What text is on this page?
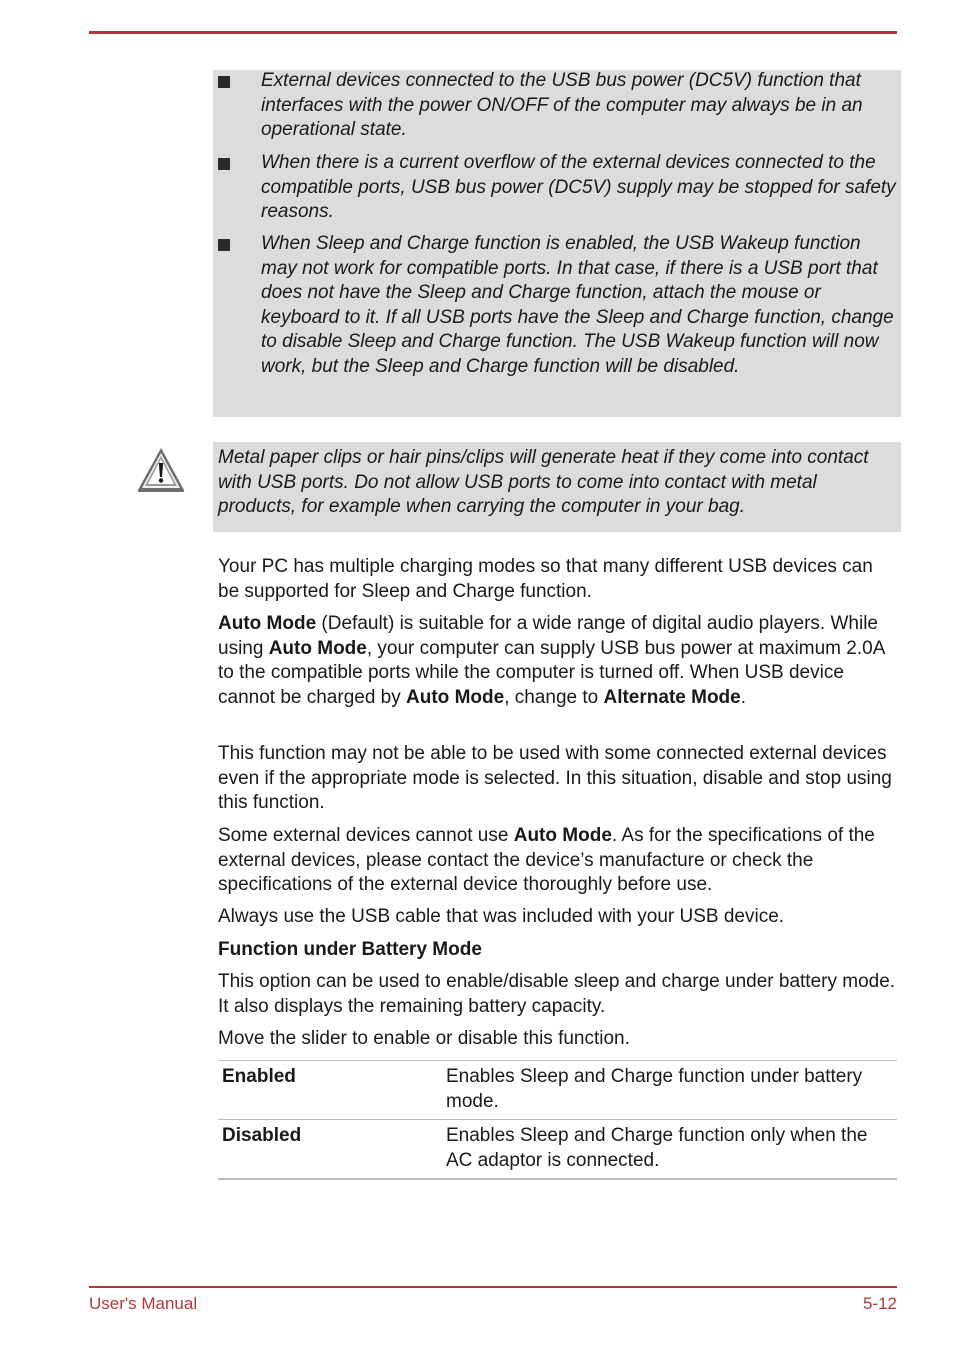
External devices connected to the USB bus power (DC5V) function that interfaces with the power ON/OFF of the computer may always be in an operational state.
When there is a current overflow of the external devices connected to the compatible ports, USB bus power (DC5V) supply may be stopped for safety reasons.
When Sleep and Charge function is enabled, the USB Wakeup function may not work for compatible ports. In that case, if there is a USB port that does not have the Sleep and Charge function, attach the mouse or keyboard to it. If all USB ports have the Sleep and Charge function, change to disable Sleep and Charge function. The USB Wakeup function will now work, but the Sleep and Charge function will be disabled.
Metal paper clips or hair pins/clips will generate heat if they come into contact with USB ports. Do not allow USB ports to come into contact with metal products, for example when carrying the computer in your bag.
Your PC has multiple charging modes so that many different USB devices can be supported for Sleep and Charge function.
Auto Mode (Default) is suitable for a wide range of digital audio players. While using Auto Mode, your computer can supply USB bus power at maximum 2.0A to the compatible ports while the computer is turned off. When USB device cannot be charged by Auto Mode, change to Alternate Mode.
This function may not be able to be used with some connected external devices even if the appropriate mode is selected. In this situation, disable and stop using this function.
Some external devices cannot use Auto Mode. As for the specifications of the external devices, please contact the device’s manufacture or check the specifications of the external device thoroughly before use.
Always use the USB cable that was included with your USB device.
Function under Battery Mode
This option can be used to enable/disable sleep and charge under battery mode. It also displays the remaining battery capacity.
Move the slider to enable or disable this function.
Enabled	Enables Sleep and Charge function under battery mode.
Disabled	Enables Sleep and Charge function only when the AC adaptor is connected.
User's Manual	5-12
